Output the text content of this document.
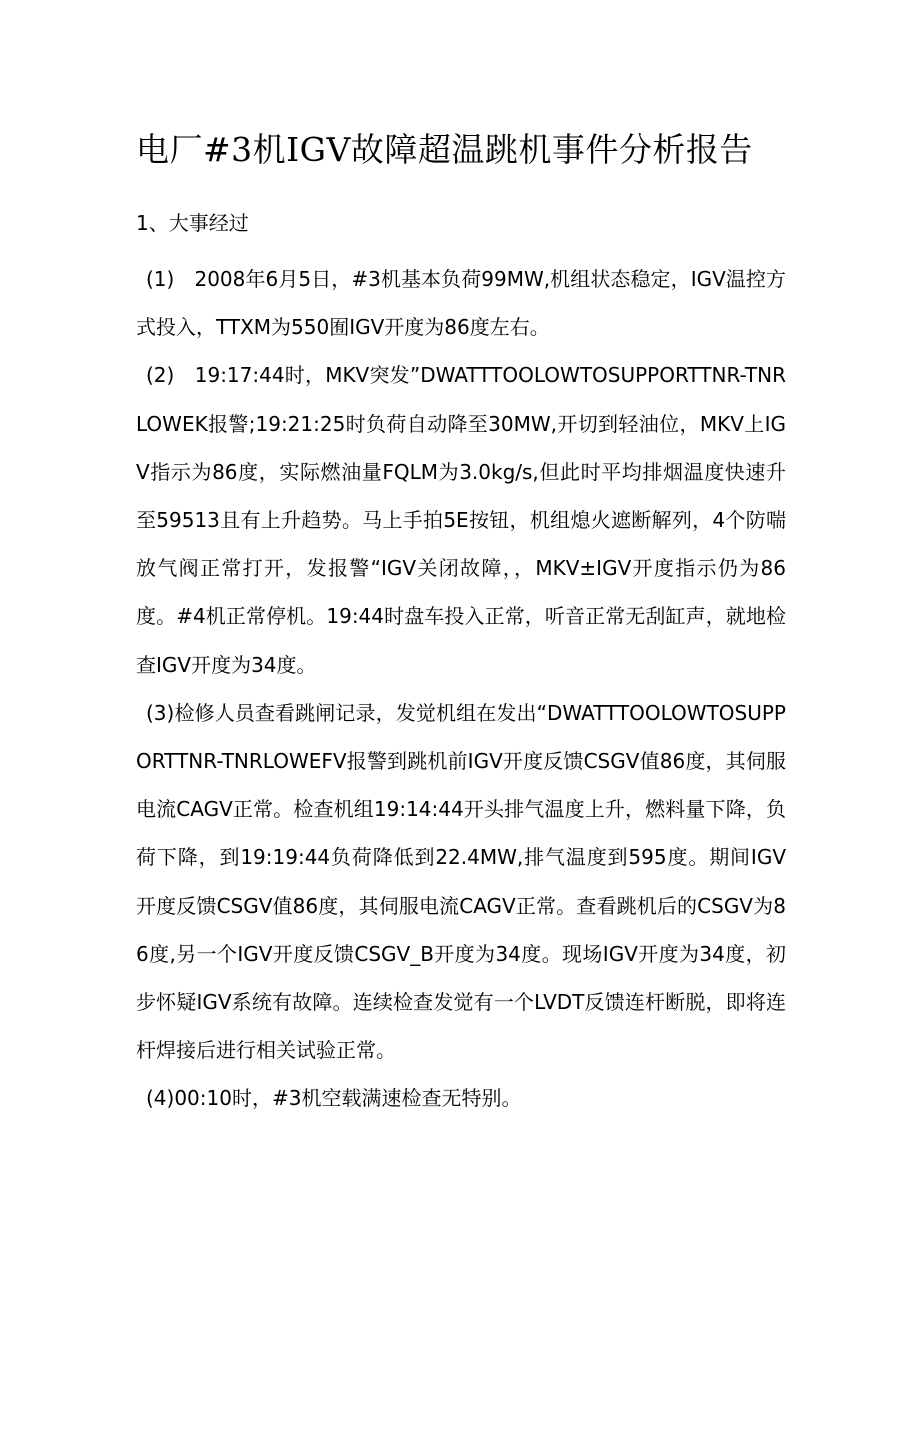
电厂#3机IGV故障超温跳机事件分析报告
1、大事经过

(1)　2008年6月5日，#3机基本负荷99MW,机组状态稳定，IGV温控方式投入，TTXM为550囿IGV开度为86度左右。

(2)　19:17:44时，MKV突发”DWATTTOOLOWTOSUPPORTTNR-TNRLOWEK报警;19:21:25时负荷自动降至30MW,开切到轻油位，MKV上IGV指示为86度，实际燃油量FQLM为3.0kg/s,但此时平均排烟温度快速升至59513且有上升趋势。马上手拍5E按钮，机组熄火遮断解列，4个防喘放气阀正常打开，发报警“IGV关闭故障，，MKV±IGV开度指示仍为86度。#4机正常停机。19:44时盘车投入正常，听音正常无刮缸声，就地检查IGV开度为34度。

(3)检修人员查看跳闸记录，发觉机组在发出“DWATTTOOLOWTOSUPPORTTNR-TNRLOWEFV报警到跳机前IGV开度反馈CSGV值86度，其伺服电流CAGV正常。检查机组19:14:44开头排气温度上升，燃料量下降，负荷下降，到19:19:44负荷降低到22.4MW,排气温度到595度。期间IGV开度反馈CSGV值86度，其伺服电流CAGV正常。查看跳机后的CSGV为86度,另一个IGV开度反馈CSGV_B开度为34度。现场IGV开度为34度，初步怀疑IGV系统有故障。连续检查发觉有一个LVDT反馈连杆断脱，即将连杆焊接后进行相关试验正常。

(4)00:10时，#3机空载满速检查无特别。
